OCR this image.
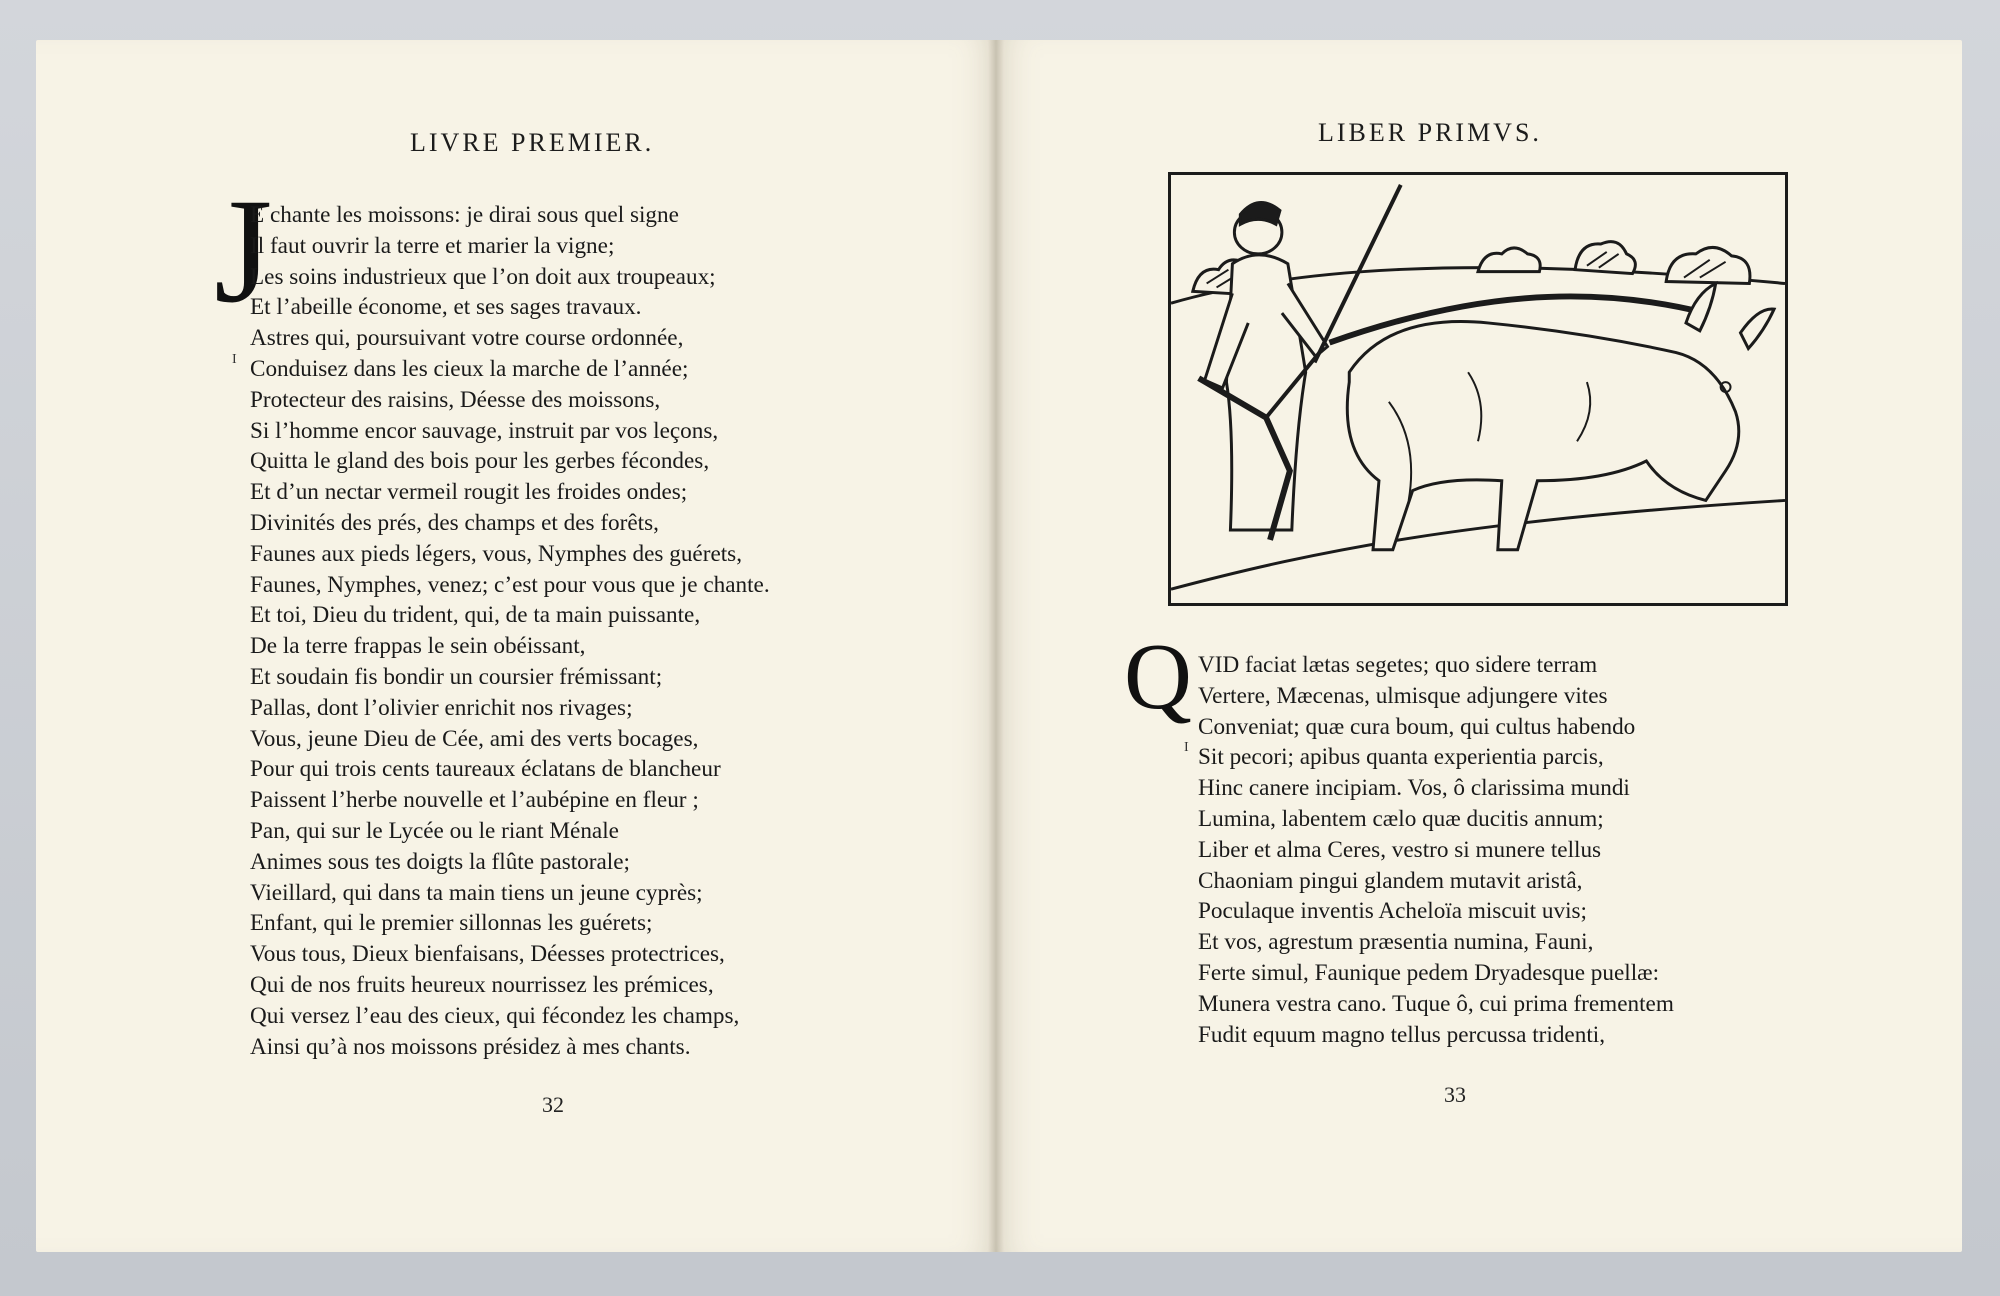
LIVRE PREMIER.
J
I
E chante les moissons: je dirai sous quel signe
Il faut ouvrir la terre et marier la vigne;
Les soins industrieux que l’on doit aux troupeaux;
Et l’abeille économe, et ses sages travaux.
Astres qui, poursuivant votre course ordonnée,
Conduisez dans les cieux la marche de l’année;
Protecteur des raisins, Déesse des moissons,
Si l’homme encor sauvage, instruit par vos leçons,
Quitta le gland des bois pour les gerbes fécondes,
Et d’un nectar vermeil rougit les froides ondes;
Divinités des prés, des champs et des forêts,
Faunes aux pieds légers, vous, Nymphes des guérets,
Faunes, Nymphes, venez; c’est pour vous que je chante.
Et toi, Dieu du trident, qui, de ta main puissante,
De la terre frappas le sein obéissant,
Et soudain fis bondir un coursier frémissant;
Pallas, dont l’olivier enrichit nos rivages;
Vous, jeune Dieu de Cée, ami des verts bocages,
Pour qui trois cents taureaux éclatans de blancheur
Paissent l’herbe nouvelle et l’aubépine en fleur ;
Pan, qui sur le Lycée ou le riant Ménale
Animes sous tes doigts la flûte pastorale;
Vieillard, qui dans ta main tiens un jeune cyprès;
Enfant, qui le premier sillonnas les guérets;
Vous tous, Dieux bienfaisans, Déesses protectrices,
Qui de nos fruits heureux nourrissez les prémices,
Qui versez l’eau des cieux, qui fécondez les champs,
Ainsi qu’à nos moissons présidez à mes chants.
32
LIBER PRIMVS.
Q
I
VID faciat lætas segetes; quo sidere terram
Vertere, Mæcenas, ulmisque adjungere vites
Conveniat; quæ cura boum, qui cultus habendo
Sit pecori; apibus quanta experientia parcis,
Hinc canere incipiam. Vos, ô clarissima mundi
Lumina, labentem cælo quæ ducitis annum;
Liber et alma Ceres, vestro si munere tellus
Chaoniam pingui glandem mutavit aristâ,
Poculaque inventis Acheloïa miscuit uvis;
Et vos, agrestum præsentia numina, Fauni,
Ferte simul, Faunique pedem Dryadesque puellæ:
Munera vestra cano. Tuque ô, cui prima frementem
Fudit equum magno tellus percussa tridenti,
33
